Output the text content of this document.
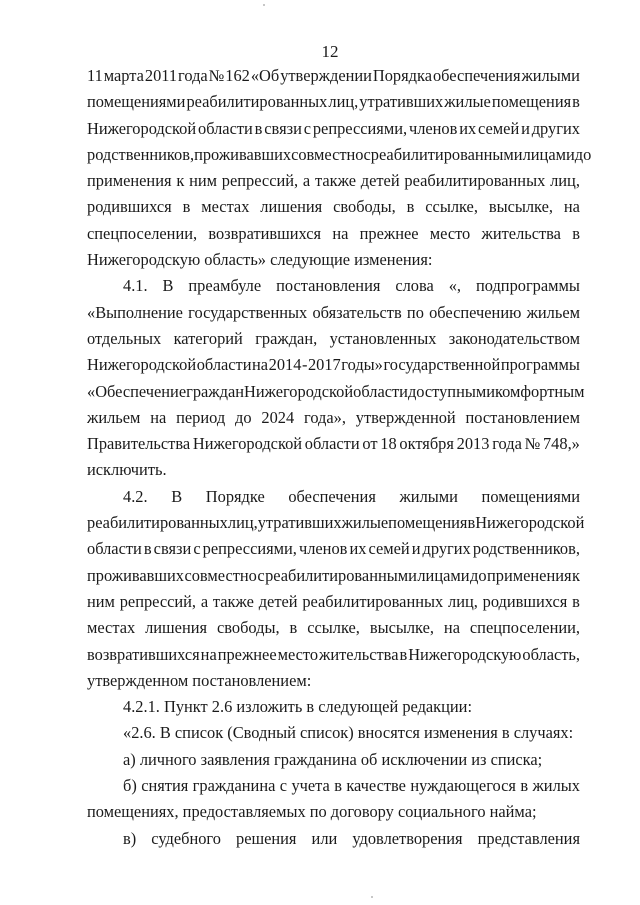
12
11 марта 2011 года № 162 «Об утверждении Порядка обеспечения жилыми
помещениями реабилитированных лиц, утративших жилые помещения в
Нижегородской области в связи с репрессиями, членов их семей и других
родственников, проживавших совместно с реабилитированными лицами до
применения к ним репрессий, а также детей реабилитированных лиц,
родившихся в местах лишения свободы, в ссылке, высылке, на
спецпоселении, возвратившихся на прежнее место жительства в
Нижегородскую область» следующие изменения:
4.1. В преамбуле постановления слова «, подпрограммы
«Выполнение государственных обязательств по обеспечению жильем
отдельных категорий граждан, установленных законодательством
Нижегородской области на 2014 - 2017 годы» государственной программы
«Обеспечение граждан Нижегородской области доступным и комфортным
жильем на период до 2024 года», утвержденной постановлением
Правительства Нижегородской области от 18 октября 2013 года № 748,»
исключить.
4.2. В Порядке обеспечения жилыми помещениями
реабилитированных лиц, утративших жилые помещения в Нижегородской
области в связи с репрессиями, членов их семей и других родственников,
проживавших совместно с реабилитированными лицами до применения к
ним репрессий, а также детей реабилитированных лиц, родившихся в
местах лишения свободы, в ссылке, высылке, на спецпоселении,
возвратившихся на прежнее место жительства в Нижегородскую область,
утвержденном постановлением:
4.2.1. Пункт 2.6 изложить в следующей редакции:
«2.6. В список (Сводный список) вносятся изменения в случаях:
а) личного заявления гражданина об исключении из списка;
б) снятия гражданина с учета в качестве нуждающегося в жилых
помещениях, предоставляемых по договору социального найма;
в) судебного решения или удовлетворения представления
